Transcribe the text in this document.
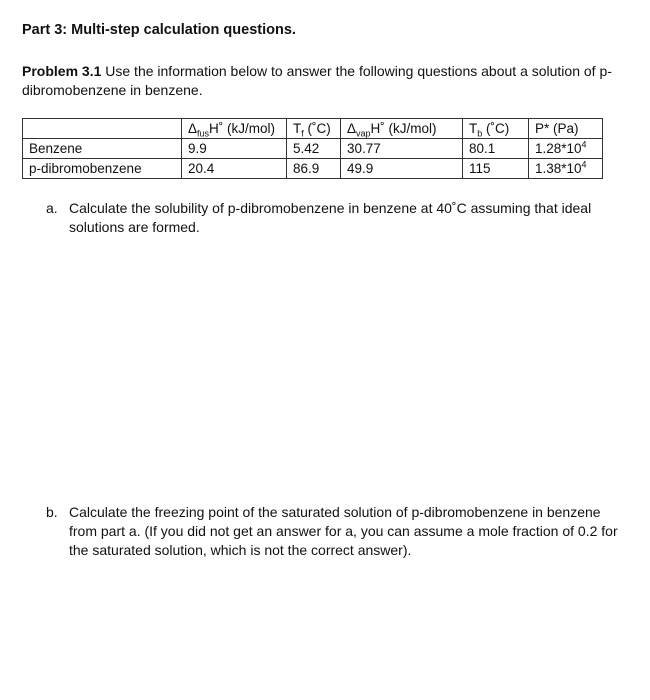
Part 3: Multi-step calculation questions.

Problem 3.1 Use the information below to answer the following questions about a solution of p-dibromobenzene in benzene.

	$\Delta_{fus}H˚$ (kJ/mol)	$T_f$ (˚C)	$\Delta_{vap}H˚$ (kJ/mol)	$T_b$ (˚C)	P* (Pa)
Benzene	9.9	5.42	30.77	80.1	$1.28*10^4$
p-dibromobenzene	20.4	86.9	49.9	115	$1.38*10^4$
a. Calculate the solubility of p-dibromobenzene in benzene at 40˚C assuming that ideal solutions are formed.
b. Calculate the freezing point of the saturated solution of p-dibromobenzene in benzene from part a. (If you did not get an answer for a, you can assume a mole fraction of 0.2 for the saturated solution, which is not the correct answer).
